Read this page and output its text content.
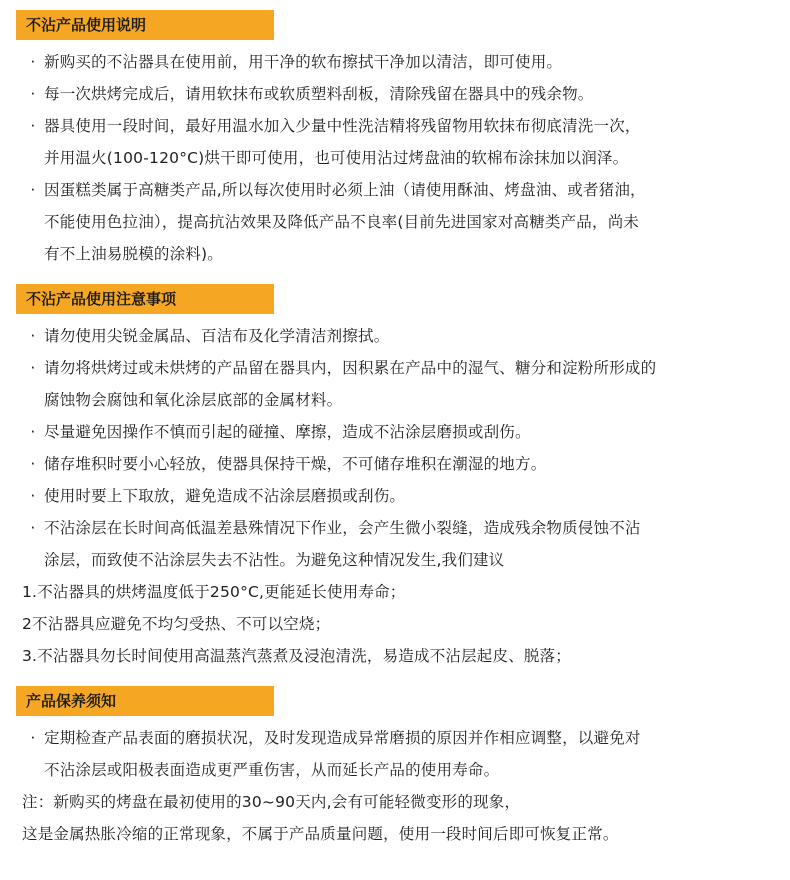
不沾产品使用说明
· 新购买的不沾器具在使用前，用干净的软布擦拭干净加以清洁，即可使用。
· 每一次烘烤完成后，请用软抹布或软质塑料刮板，清除残留在器具中的残余物。
· 器具使用一段时间，最好用温水加入少量中性洗洁精将残留物用软抹布彻底清洗一次，
并用温火(100-120°C)烘干即可使用，也可使用沾过烤盘油的软棉布涂抹加以润泽。
· 因蛋糕类属于高糖类产品,所以每次使用时必须上油（请使用酥油、烤盘油、或者猪油，
不能使用色拉油），提高抗沾效果及降低产品不良率(目前先进国家对高糖类产品，尚未
有不上油易脱模的涂料)。
不沾产品使用注意事项
· 请勿使用尖锐金属品、百洁布及化学清洁剂擦拭。
· 请勿将烘烤过或未烘烤的产品留在器具内，因积累在产品中的湿气、糖分和淀粉所形成的
腐蚀物会腐蚀和氧化涂层底部的金属材料。
· 尽量避免因操作不慎而引起的碰撞、摩擦，造成不沾涂层磨损或刮伤。
· 储存堆积时要小心轻放，使器具保持干燥，不可储存堆积在潮湿的地方。
· 使用时要上下取放，避免造成不沾涂层磨损或刮伤。
· 不沾涂层在长时间高低温差悬殊情况下作业，会产生微小裂缝，造成残余物质侵蚀不沾
涂层，而致使不沾涂层失去不沾性。为避免这种情况发生,我们建议
1.不沾器具的烘烤温度低于250°C,更能延长使用寿命；
2不沾器具应避免不均匀受热、不可以空烧；
3.不沾器具勿长时间使用高温蒸汽蒸煮及浸泡清洗，易造成不沾层起皮、脱落；
产品保养须知
· 定期检查产品表面的磨损状况，及时发现造成异常磨损的原因并作相应调整，以避免对
不沾涂层或阳极表面造成更严重伤害，从而延长产品的使用寿命。
注：新购买的烤盘在最初使用的30~90天内,会有可能轻微变形的现象，
这是金属热胀冷缩的正常现象，不属于产品质量问题，使用一段时间后即可恢复正常。
